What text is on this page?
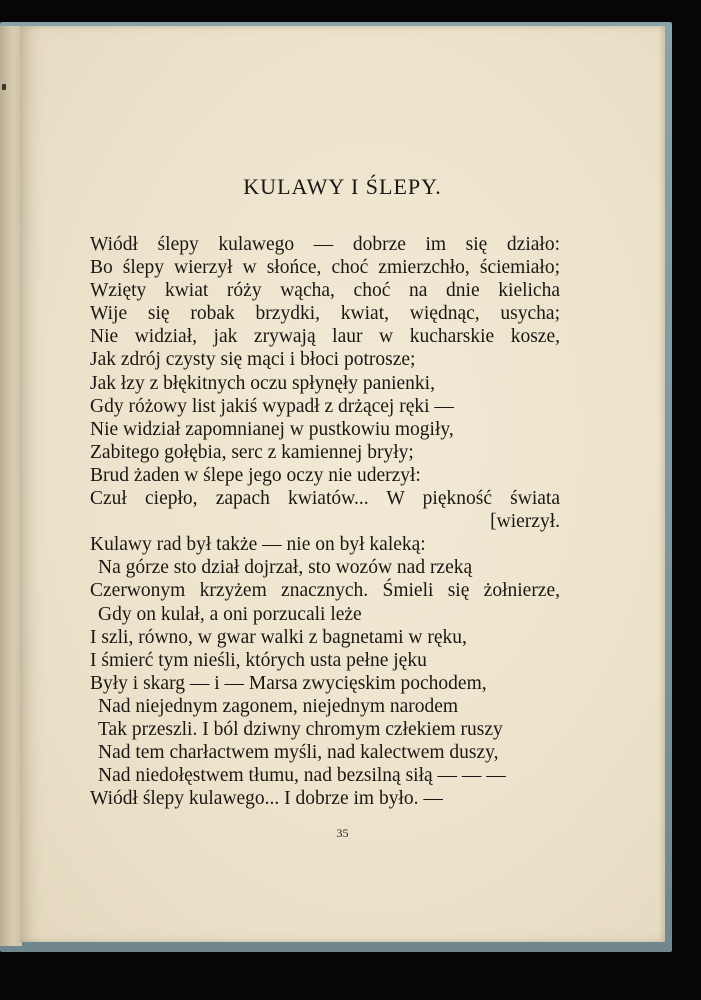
KULAWY I ŚLEPY.
Wiódł ślepy kulawego — dobrze im się działo:
Bo ślepy wierzył w słońce, choć zmierzchło, ściemiało;
Wzięty kwiat róży wącha, choć na dnie kielicha
Wije się robak brzydki, kwiat, więdnąc, usycha;
Nie widział, jak zrywają laur w kucharskie kosze,
Jak zdrój czysty się mąci i błoci potrosze;
Jak łzy z błękitnych oczu spłynęły panienki,
Gdy różowy list jakiś wypadł z drżącej ręki —
Nie widział zapomnianej w pustkowiu mogiły,
Zabitego gołębia, serc z kamiennej bryły;
Brud żaden w ślepe jego oczy nie uderzył:
Czuł ciepło, zapach kwiatów... W piękność świata
[wierzył.
Kulawy rad był także — nie on był kaleką:
Na górze sto dział dojrzał, sto wozów nad rzeką
Czerwonym krzyżem znacznych. Śmieli się żołnierze,
Gdy on kulał, a oni porzucali leże
I szli, równo, w gwar walki z bagnetami w ręku,
I śmierć tym nieśli, których usta pełne jęku
Były i skarg — i — Marsa zwycięskim pochodem,
Nad niejednym zagonem, niejednym narodem
Tak przeszli. I ból dziwny chromym człekiem ruszy
Nad tem charłactwem myśli, nad kalectwem duszy,
Nad niedołęstwem tłumu, nad bezsilną siłą — — —
Wiódł ślepy kulawego... I dobrze im było. —
35
